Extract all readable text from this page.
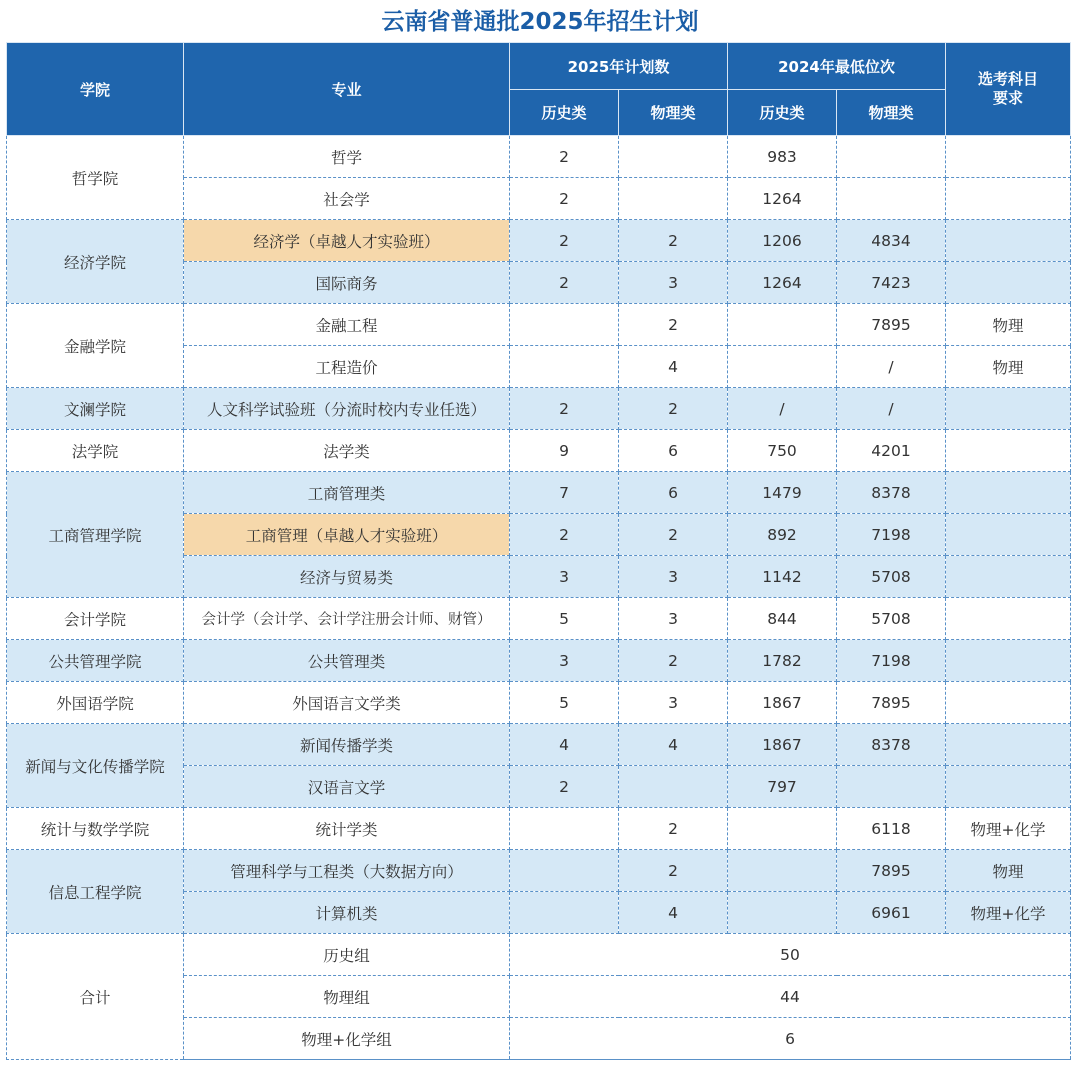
云南省普通批2025年招生计划
学院	专业	2025年计划数		2024年最低位次		选考科目
要求
		历史类	物理类	历史类	物理类	
哲学院	哲学	2		983		
	社会学	2		1264		
经济学院	经济学（卓越人才实验班）	2	2	1206	4834	
	国际商务	2	3	1264	7423	
金融学院	金融工程		2		7895	物理
	工程造价		4		/	物理
文澜学院	人文科学试验班（分流时校内专业任选）	2	2	/	/	
法学院	法学类	9	6	750	4201	
工商管理学院	工商管理类	7	6	1479	8378	
	工商管理（卓越人才实验班）	2	2	892	7198	
	经济与贸易类	3	3	1142	5708	
会计学院	会计学（会计学、会计学注册会计师、财管）	5	3	844	5708	
公共管理学院	公共管理类	3	2	1782	7198	
外国语学院	外国语言文学类	5	3	1867	7895	
新闻与文化传播学院	新闻传播学类	4	4	1867	8378	
	汉语言文学	2		797		
统计与数学学院	统计学类		2		6118	物理+化学
信息工程学院	管理科学与工程类（大数据方向）		2		7895	物理
	计算机类		4		6961	物理+化学
合计	历史组	50				
	物理组	44				
	物理+化学组	6				
